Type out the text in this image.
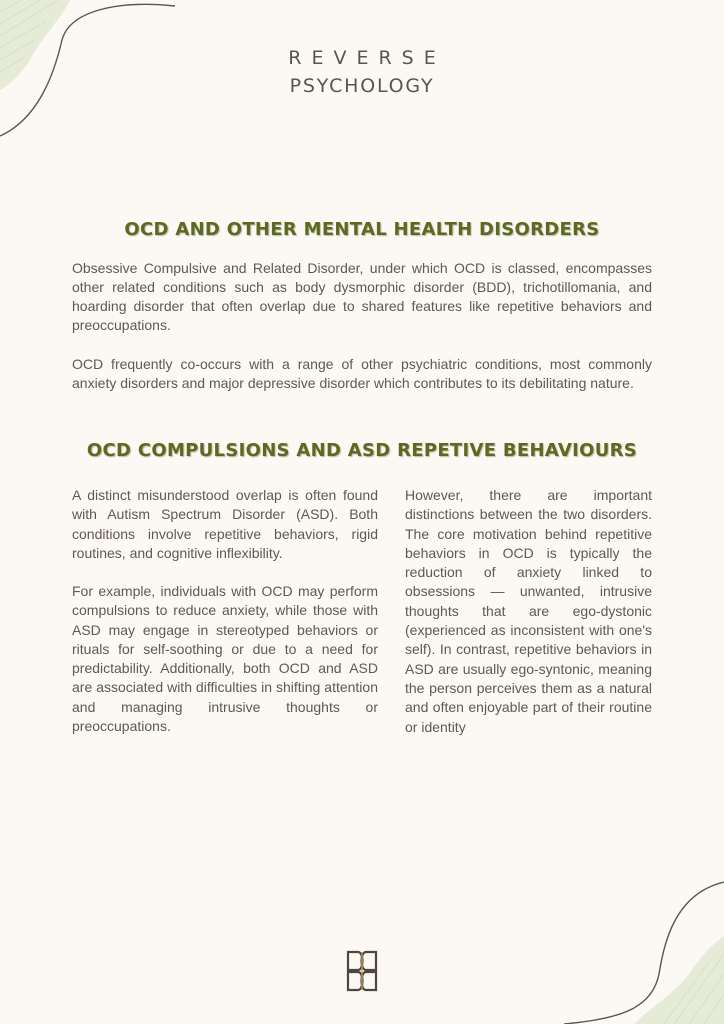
REVERSE
PSYCHOLOGY
OCD AND OTHER MENTAL HEALTH DISORDERS

Obsessive Compulsive and Related Disorder, under which OCD is classed, encompasses other related conditions such as body dysmorphic disorder (BDD), trichotillomania, and hoarding disorder that often overlap due to shared features like repetitive behaviors and preoccupations.

OCD frequently co-occurs with a range of other psychiatric conditions, most commonly anxiety disorders and major depressive disorder which contributes to its debilitating nature.

OCD COMPULSIONS AND ASD REPETIVE BEHAVIOURS

A distinct misunderstood overlap is often found with Autism Spectrum Disorder (ASD). Both conditions involve repetitive behaviors, rigid routines, and cognitive inflexibility.

For example, individuals with OCD may perform compulsions to reduce anxiety, while those with ASD may engage in stereotyped behaviors or rituals for self-soothing or due to a need for predictability. Additionally, both OCD and ASD are associated with difficulties in shifting attention and managing intrusive thoughts or preoccupations.

However, there are important distinctions between the two disorders. The core motivation behind repetitive behaviors in OCD is typically the reduction of anxiety linked to obsessions — unwanted, intrusive thoughts that are ego-dystonic (experienced as inconsistent with one's self). In contrast, repetitive behaviors in ASD are usually ego-syntonic, meaning the person perceives them as a natural and often enjoyable part of their routine or identity
